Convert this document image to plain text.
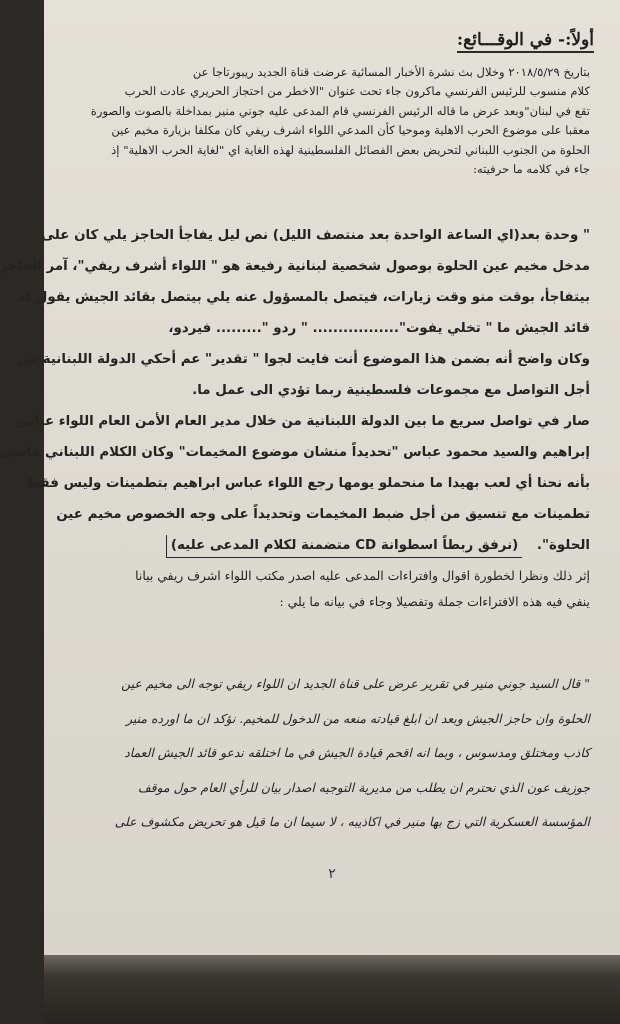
أولاً:- في الوقـــائع:
بتاريخ ٢٠١٨/٥/٢٩ وخلال بث نشرة الأخبار المسائية عرضت قناة الجديد ريبورتاجا عن
كلام منسوب للرئيس الفرنسي ماكرون جاء تحت عنوان "الاخطر من احتجاز الحريري عادت الحرب
تقع في لبنان"وبعد عرض ما قاله الرئيس الفرنسي قام المدعى عليه جوني منير بمداخلة بالصوت والصورة
معقبا على موضوع الحرب الاهلية وموحيا كأن المدعي اللواء اشرف ريفي كان مكلفا بزيارة مخيم عين
الحلوة من الجنوب اللبناني لتحريض بعض الفصائل الفلسطينية لهذه الغاية اي "لغاية الحرب الاهلية" إذ
جاء في كلامه ما حرفيته:
" وحدة بعد(اي الساعة الواحدة بعد منتصف الليل) نص ليل يفاجأ الحاجز يلي كان على
مدخل مخيم عين الحلوة بوصول شخصية لبنانية رفيعة هو " اللواء أشرف ريفي"، آمر الحاجز
بيتفاجأ، بوقت منو وقت زيارات، فيتصل بالمسؤول عنه يلي بيتصل بقائد الجيش يقول له
قائد الجيش ما " تخلي يفوت"................. " ردو "......... فيردو،
وكان واضح أنه بضمن هذا الموضوع أنت فايت لجوا " تقدير" عم أحكي الدولة اللبنانية من
أجل التواصل مع مجموعات فلسطينية ربما تؤدي الى عمل ما.
صار في تواصل سريع ما بين الدولة اللبنانية من خلال مدير العام الأمن العام اللواء عباس
إبراهيم والسيد محمود عباس "تحديداً منشان موضوع المخيمات" وكان الكلام اللبناني قاسي
بأنه نحنا أي لعب بهيدا ما منحملو يومها رجع اللواء عباس ابراهيم بتطمينات وليس فقط
تطمينات مع تنسيق من أجل ضبط المخيمات وتحديداً على وجه الخصوص مخيم عين
الحلوة". (نرفق ربطاً اسطوانة CD متضمنة لكلام المدعى عليه)
إثر ذلك ونظرا لخطورة اقوال وافتراءات المدعى عليه اصدر مكتب اللواء اشرف ريفي بيانا
ينفي فيه هذه الافتراءات جملة وتفصيلا وجاء في بيانه ما يلي :
" قال السيد جوني منير في تقرير عرض على قناة الجديد ان اللواء ريفي توجه الى مخيم عين
الحلوة وان حاجز الجيش وبعد ان ابلغ قيادته منعه من الدخول للمخيم. نؤكد ان ما اورده منير
كاذب ومختلق ومدسوس ، وبما انه اقحم قيادة الجيش في ما اختلقه ندعو قائد الجيش العماد
جوزيف عون الذي نحترم ان يطلب من مديرية التوجيه اصدار بيان للرأي العام حول موقف
المؤسسة العسكرية التي زج بها منير في اكاذيبه ، لا سيما ان ما قيل هو تحريض مكشوف على
٢
